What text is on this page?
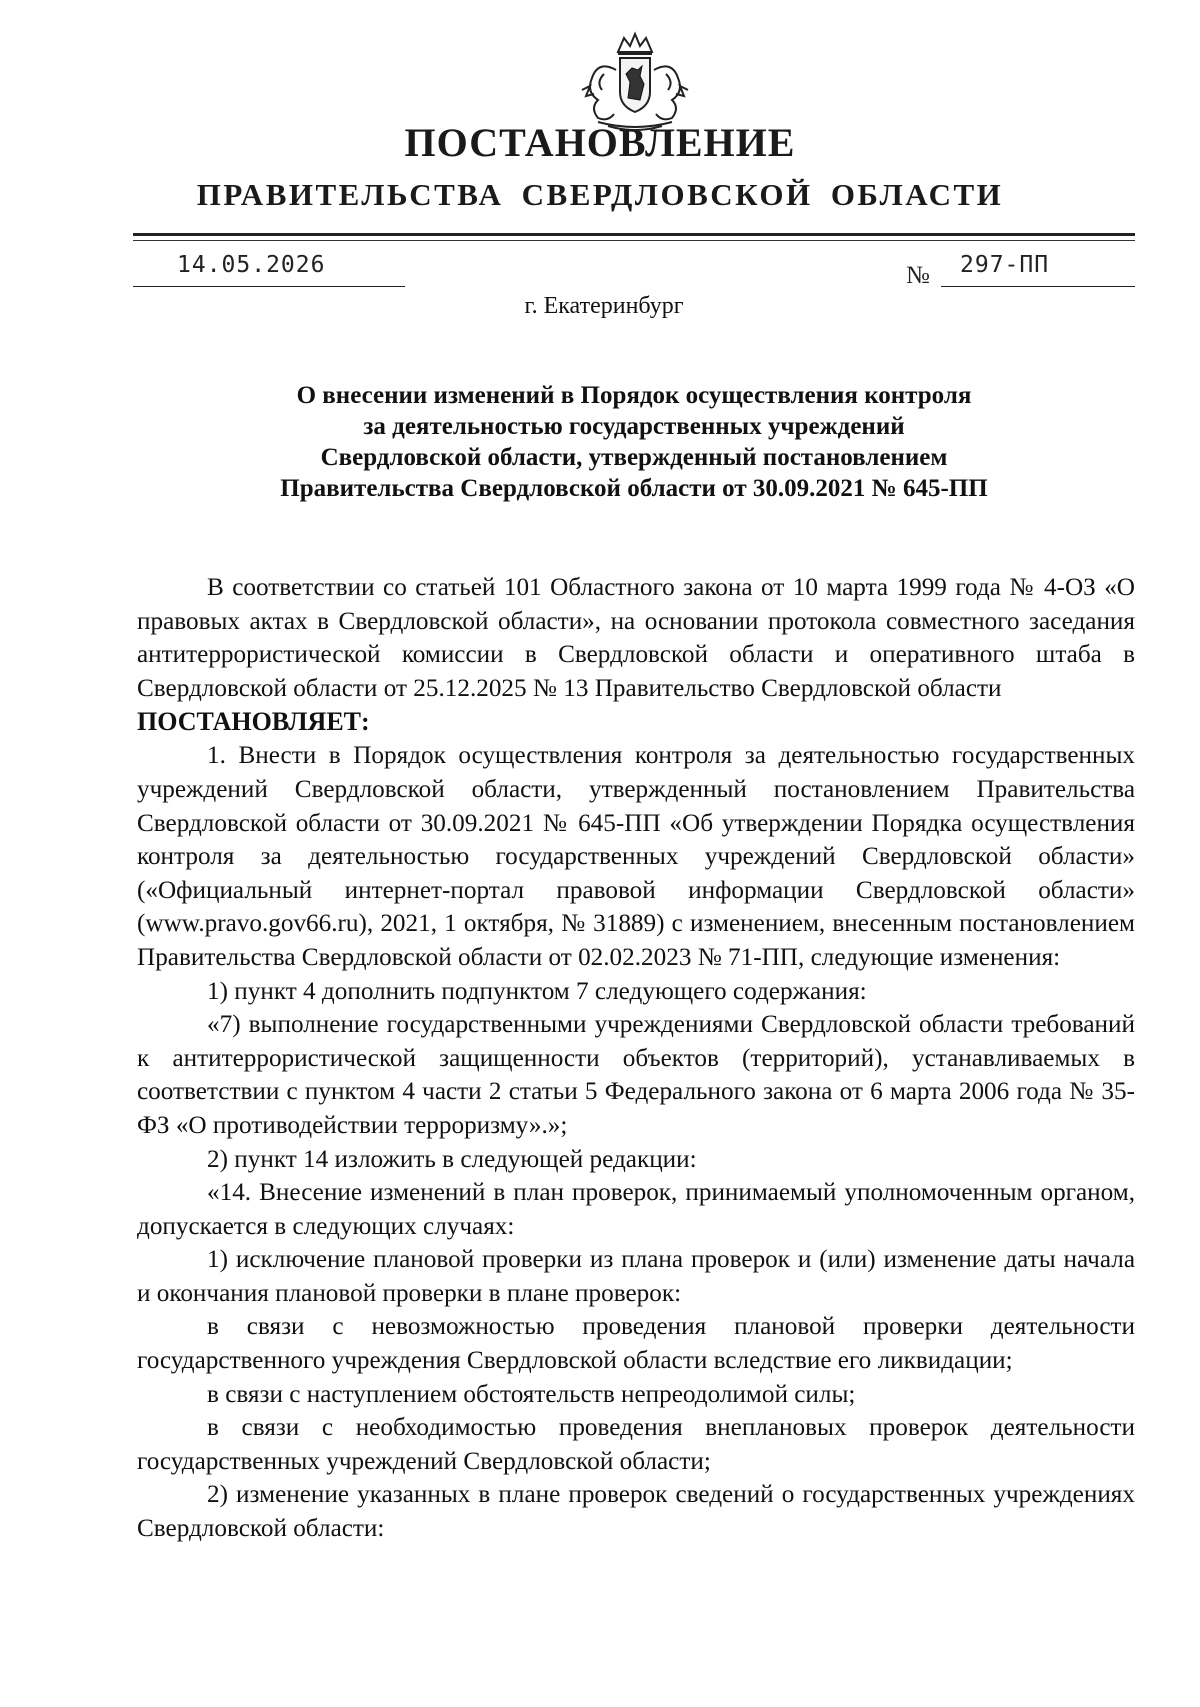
ПОСТАНОВЛЕНИЕ
ПРАВИТЕЛЬСТВА СВЕРДЛОВСКОЙ ОБЛАСТИ
14.05.2026	№ 297-ПП
г. Екатеринбург
О внесении изменений в Порядок осуществления контроля
за деятельностью государственных учреждений
Свердловской области, утвержденный постановлением
Правительства Свердловской области от 30.09.2021 № 645-ПП

В соответствии со статьей 101 Областного закона от 10 марта 1999 года № 4-ОЗ «О правовых актах в Свердловской области», на основании протокола совместного заседания антитеррористической комиссии в Свердловской области и оперативного штаба в Свердловской области от 25.12.2025 № 13 Правительство Свердловской области

ПОСТАНОВЛЯЕТ:

1. Внести в Порядок осуществления контроля за деятельностью государственных учреждений Свердловской области, утвержденный постановлением Правительства Свердловской области от 30.09.2021 № 645-ПП «Об утверждении Порядка осуществления контроля за деятельностью государственных учреждений Свердловской области» («Официальный интернет-портал правовой информации Свердловской области» (www.pravo.gov66.ru), 2021, 1 октября, № 31889) с изменением, внесенным постановлением Правительства Свердловской области от 02.02.2023 № 71-ПП, следующие изменения:

1) пункт 4 дополнить подпунктом 7 следующего содержания:

«7) выполнение государственными учреждениями Свердловской области требований к антитеррористической защищенности объектов (территорий), устанавливаемых в соответствии с пунктом 4 части 2 статьи 5 Федерального закона от 6 марта 2006 года № 35-ФЗ «О противодействии терроризму».»;

2) пункт 14 изложить в следующей редакции:

«14. Внесение изменений в план проверок, принимаемый уполномоченным органом, допускается в следующих случаях:

1) исключение плановой проверки из плана проверок и (или) изменение даты начала и окончания плановой проверки в плане проверок:

в связи с невозможностью проведения плановой проверки деятельности государственного учреждения Свердловской области вследствие его ликвидации;

в связи с наступлением обстоятельств непреодолимой силы;

в связи с необходимостью проведения внеплановых проверок деятельности государственных учреждений Свердловской области;

2) изменение указанных в плане проверок сведений о государственных учреждениях Свердловской области:
